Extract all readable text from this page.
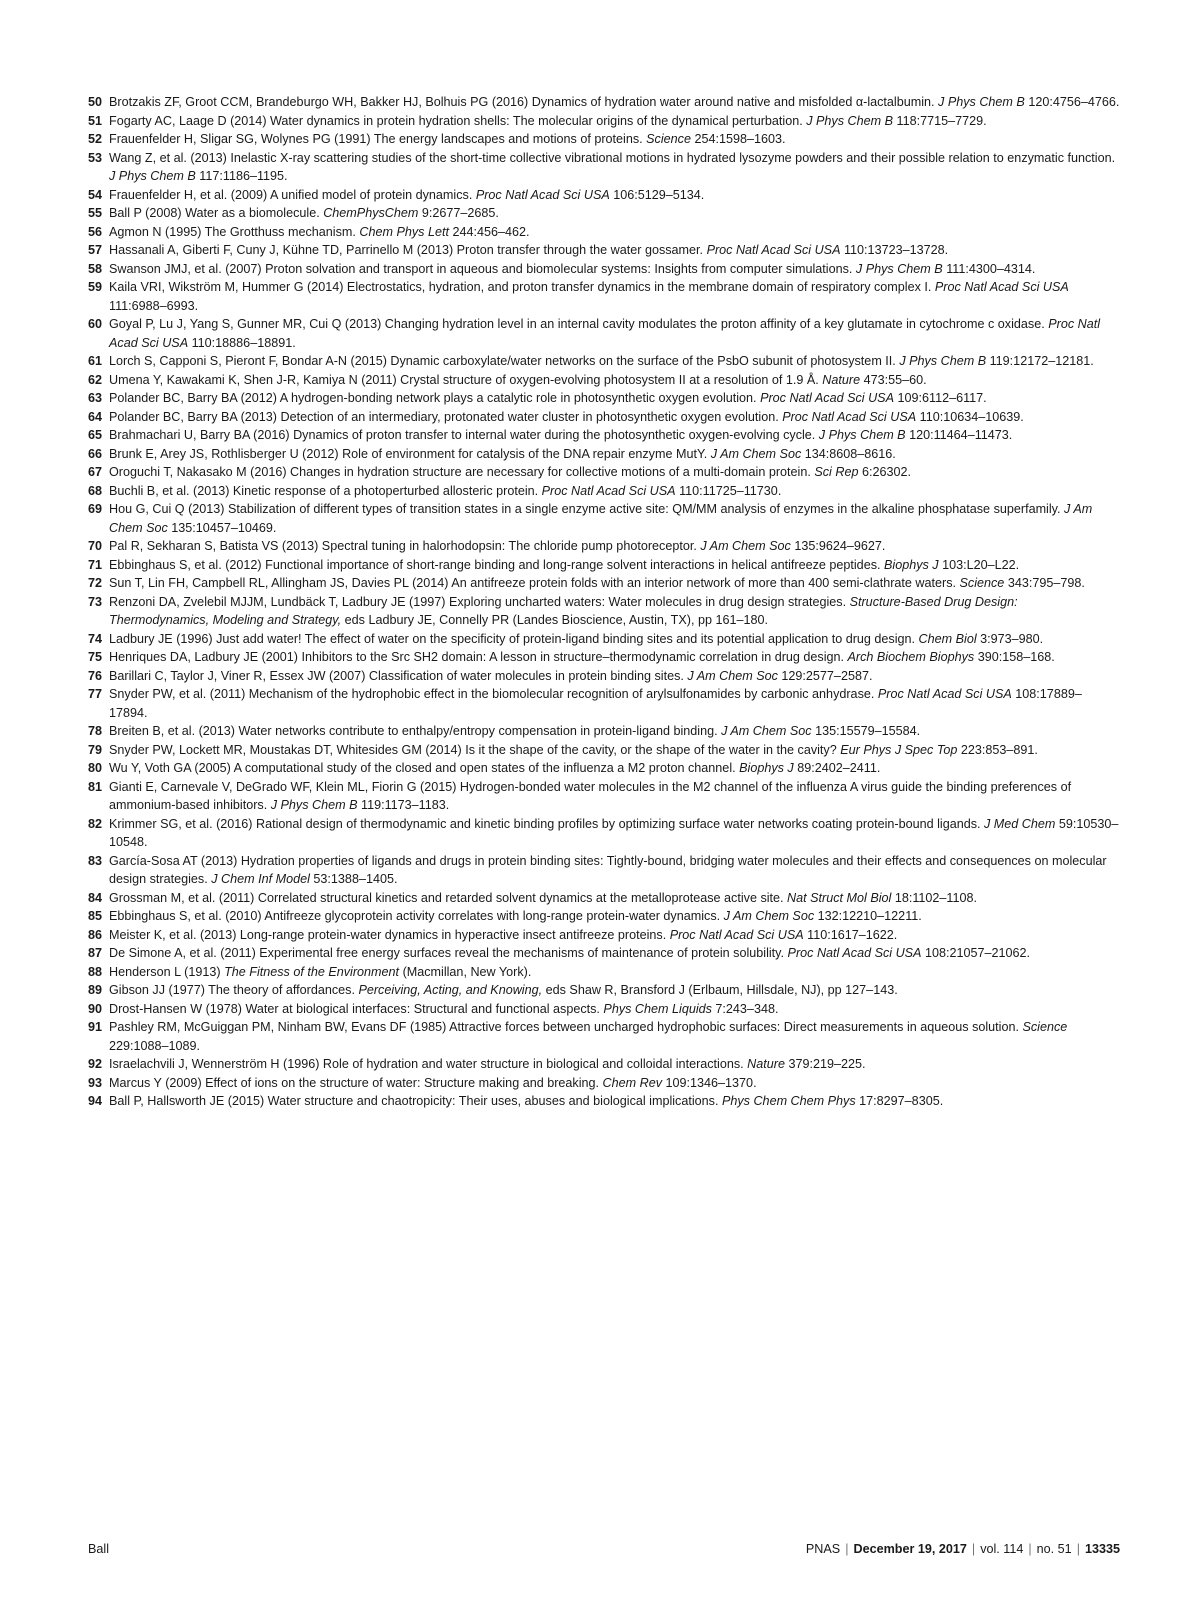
50 Brotzakis ZF, Groot CCM, Brandeburgo WH, Bakker HJ, Bolhuis PG (2016) Dynamics of hydration water around native and misfolded α-lactalbumin. J Phys Chem B 120:4756–4766.
51 Fogarty AC, Laage D (2014) Water dynamics in protein hydration shells: The molecular origins of the dynamical perturbation. J Phys Chem B 118:7715–7729.
52 Frauenfelder H, Sligar SG, Wolynes PG (1991) The energy landscapes and motions of proteins. Science 254:1598–1603.
53 Wang Z, et al. (2013) Inelastic X-ray scattering studies of the short-time collective vibrational motions in hydrated lysozyme powders and their possible relation to enzymatic function. J Phys Chem B 117:1186–1195.
54 Frauenfelder H, et al. (2009) A unified model of protein dynamics. Proc Natl Acad Sci USA 106:5129–5134.
55 Ball P (2008) Water as a biomolecule. ChemPhysChem 9:2677–2685.
56 Agmon N (1995) The Grotthuss mechanism. Chem Phys Lett 244:456–462.
57 Hassanali A, Giberti F, Cuny J, Kühne TD, Parrinello M (2013) Proton transfer through the water gossamer. Proc Natl Acad Sci USA 110:13723–13728.
58 Swanson JMJ, et al. (2007) Proton solvation and transport in aqueous and biomolecular systems: Insights from computer simulations. J Phys Chem B 111:4300–4314.
59 Kaila VRI, Wikström M, Hummer G (2014) Electrostatics, hydration, and proton transfer dynamics in the membrane domain of respiratory complex I. Proc Natl Acad Sci USA 111:6988–6993.
60 Goyal P, Lu J, Yang S, Gunner MR, Cui Q (2013) Changing hydration level in an internal cavity modulates the proton affinity of a key glutamate in cytochrome c oxidase. Proc Natl Acad Sci USA 110:18886–18891.
61 Lorch S, Capponi S, Pieront F, Bondar A-N (2015) Dynamic carboxylate/water networks on the surface of the PsbO subunit of photosystem II. J Phys Chem B 119:12172–12181.
62 Umena Y, Kawakami K, Shen J-R, Kamiya N (2011) Crystal structure of oxygen-evolving photosystem II at a resolution of 1.9 Å. Nature 473:55–60.
63 Polander BC, Barry BA (2012) A hydrogen-bonding network plays a catalytic role in photosynthetic oxygen evolution. Proc Natl Acad Sci USA 109:6112–6117.
64 Polander BC, Barry BA (2013) Detection of an intermediary, protonated water cluster in photosynthetic oxygen evolution. Proc Natl Acad Sci USA 110:10634–10639.
65 Brahmachari U, Barry BA (2016) Dynamics of proton transfer to internal water during the photosynthetic oxygen-evolving cycle. J Phys Chem B 120:11464–11473.
66 Brunk E, Arey JS, Rothlisberger U (2012) Role of environment for catalysis of the DNA repair enzyme MutY. J Am Chem Soc 134:8608–8616.
67 Oroguchi T, Nakasako M (2016) Changes in hydration structure are necessary for collective motions of a multi-domain protein. Sci Rep 6:26302.
68 Buchli B, et al. (2013) Kinetic response of a photoperturbed allosteric protein. Proc Natl Acad Sci USA 110:11725–11730.
69 Hou G, Cui Q (2013) Stabilization of different types of transition states in a single enzyme active site: QM/MM analysis of enzymes in the alkaline phosphatase superfamily. J Am Chem Soc 135:10457–10469.
70 Pal R, Sekharan S, Batista VS (2013) Spectral tuning in halorhodopsin: The chloride pump photoreceptor. J Am Chem Soc 135:9624–9627.
71 Ebbinghaus S, et al. (2012) Functional importance of short-range binding and long-range solvent interactions in helical antifreeze peptides. Biophys J 103:L20–L22.
72 Sun T, Lin FH, Campbell RL, Allingham JS, Davies PL (2014) An antifreeze protein folds with an interior network of more than 400 semi-clathrate waters. Science 343:795–798.
73 Renzoni DA, Zvelebil MJJM, Lundbäck T, Ladbury JE (1997) Exploring uncharted waters: Water molecules in drug design strategies. Structure-Based Drug Design: Thermodynamics, Modeling and Strategy, eds Ladbury JE, Connelly PR (Landes Bioscience, Austin, TX), pp 161–180.
74 Ladbury JE (1996) Just add water! The effect of water on the specificity of protein-ligand binding sites and its potential application to drug design. Chem Biol 3:973–980.
75 Henriques DA, Ladbury JE (2001) Inhibitors to the Src SH2 domain: A lesson in structure–thermodynamic correlation in drug design. Arch Biochem Biophys 390:158–168.
76 Barillari C, Taylor J, Viner R, Essex JW (2007) Classification of water molecules in protein binding sites. J Am Chem Soc 129:2577–2587.
77 Snyder PW, et al. (2011) Mechanism of the hydrophobic effect in the biomolecular recognition of arylsulfonamides by carbonic anhydrase. Proc Natl Acad Sci USA 108:17889–17894.
78 Breiten B, et al. (2013) Water networks contribute to enthalpy/entropy compensation in protein-ligand binding. J Am Chem Soc 135:15579–15584.
79 Snyder PW, Lockett MR, Moustakas DT, Whitesides GM (2014) Is it the shape of the cavity, or the shape of the water in the cavity? Eur Phys J Spec Top 223:853–891.
80 Wu Y, Voth GA (2005) A computational study of the closed and open states of the influenza a M2 proton channel. Biophys J 89:2402–2411.
81 Gianti E, Carnevale V, DeGrado WF, Klein ML, Fiorin G (2015) Hydrogen-bonded water molecules in the M2 channel of the influenza A virus guide the binding preferences of ammonium-based inhibitors. J Phys Chem B 119:1173–1183.
82 Krimmer SG, et al. (2016) Rational design of thermodynamic and kinetic binding profiles by optimizing surface water networks coating protein-bound ligands. J Med Chem 59:10530–10548.
83 García-Sosa AT (2013) Hydration properties of ligands and drugs in protein binding sites: Tightly-bound, bridging water molecules and their effects and consequences on molecular design strategies. J Chem Inf Model 53:1388–1405.
84 Grossman M, et al. (2011) Correlated structural kinetics and retarded solvent dynamics at the metalloprotease active site. Nat Struct Mol Biol 18:1102–1108.
85 Ebbinghaus S, et al. (2010) Antifreeze glycoprotein activity correlates with long-range protein-water dynamics. J Am Chem Soc 132:12210–12211.
86 Meister K, et al. (2013) Long-range protein-water dynamics in hyperactive insect antifreeze proteins. Proc Natl Acad Sci USA 110:1617–1622.
87 De Simone A, et al. (2011) Experimental free energy surfaces reveal the mechanisms of maintenance of protein solubility. Proc Natl Acad Sci USA 108:21057–21062.
88 Henderson L (1913) The Fitness of the Environment (Macmillan, New York).
89 Gibson JJ (1977) The theory of affordances. Perceiving, Acting, and Knowing, eds Shaw R, Bransford J (Erlbaum, Hillsdale, NJ), pp 127–143.
90 Drost-Hansen W (1978) Water at biological interfaces: Structural and functional aspects. Phys Chem Liquids 7:243–348.
91 Pashley RM, McGuiggan PM, Ninham BW, Evans DF (1985) Attractive forces between uncharged hydrophobic surfaces: Direct measurements in aqueous solution. Science 229:1088–1089.
92 Israelachvili J, Wennerström H (1996) Role of hydration and water structure in biological and colloidal interactions. Nature 379:219–225.
93 Marcus Y (2009) Effect of ions on the structure of water: Structure making and breaking. Chem Rev 109:1346–1370.
94 Ball P, Hallsworth JE (2015) Water structure and chaotropicity: Their uses, abuses and biological implications. Phys Chem Chem Phys 17:8297–8305.
Ball	PNAS | December 19, 2017 | vol. 114 | no. 51 | 13335
